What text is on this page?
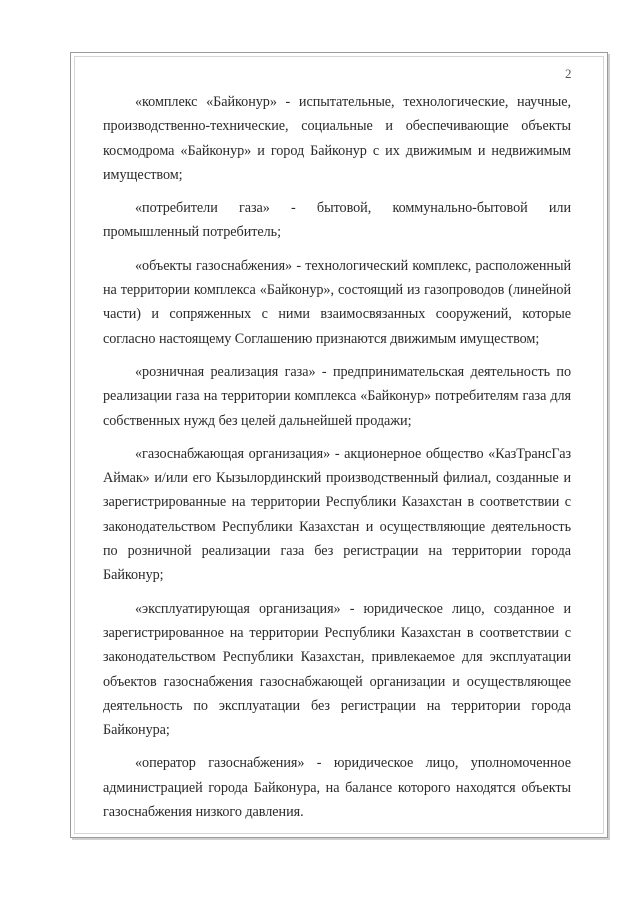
2

«комплекс «Байконур» - испытательные, технологические, научные, производственно-технические, социальные и обеспечивающие объекты космодрома «Байконур» и город Байконур с их движимым и недвижимым имуществом;

«потребители газа» - бытовой, коммунально-бытовой или промышленный потребитель;

«объекты газоснабжения» - технологический комплекс, расположенный на территории комплекса «Байконур», состоящий из газопроводов (линейной части) и сопряженных с ними взаимосвязанных сооружений, которые согласно настоящему Соглашению признаются движимым имуществом;

«розничная реализация газа» - предпринимательская деятельность по реализации газа на территории комплекса «Байконур» потребителям газа для собственных нужд без целей дальнейшей продажи;

«газоснабжающая организация» - акционерное общество «КазТрансГаз Аймак» и/или его Кызылординский производственный филиал, созданные и зарегистрированные на территории Республики Казахстан в соответствии с законодательством Республики Казахстан и осуществляющие деятельность по розничной реализации газа без регистрации на территории города Байконур;

«эксплуатирующая организация» - юридическое лицо, созданное и зарегистрированное на территории Республики Казахстан в соответствии с законодательством Республики Казахстан, привлекаемое для эксплуатации объектов газоснабжения газоснабжающей организации и осуществляющее деятельность по эксплуатации без регистрации на территории города Байконура;

«оператор газоснабжения» - юридическое лицо, уполномоченное администрацией города Байконура, на балансе которого находятся объекты газоснабжения низкого давления.
